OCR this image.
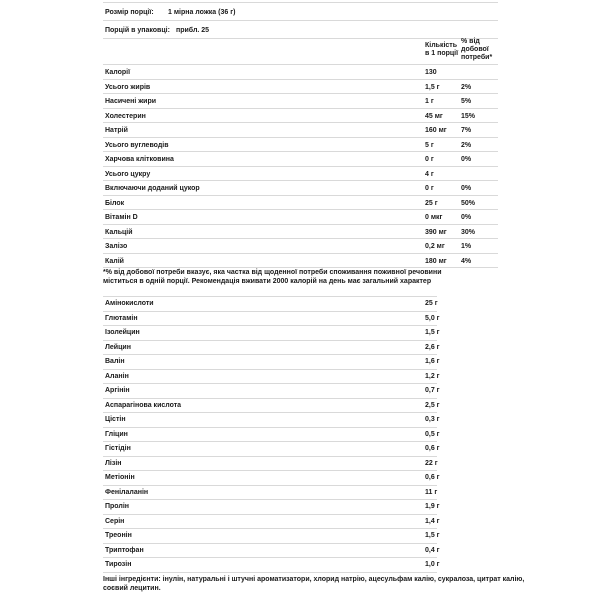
Розмір порції: 1 мірна ложка (36 г)
Порцій в упаковці: прибл. 25
Кількість
в 1 порції
% від
добової
потреби*
Калорії	130
Усього жирів	1,5 г	2%
Насичені жири	1 г	5%
Холестерин	45 мг	15%
Натрій	160 мг 7%
Усього вуглеводів	5 г	2%
Харчова клітковина	0 г	0%
Усього цукру	4 г
Включаючи доданий цукор	0 г	0%
Білок	25 г	50%
Вітамін D	0 мкг	0%
Кальцій	390 мг 30%
Залізо	0,2 мг 1%
Калій	180 мг 4%
*% від добової потреби вказує, яка частка від щоденної потреби споживання поживної речовини
міститься в одній порції. Рекомендація вживати 2000 калорій на день має загальний характер
Амінокислоти	25 г
Глютамін	5,0 г
Ізолейцин	1,5 г
Лейцин	2,6 г
Валін	1,6 г
Аланін	1,2 г
Аргінін	0,7 г
Аспарагінова кислота	2,5 г
Цістін	0,3 г
Гліцин	0,5 г
Гістідін	0,6 г
Лізін	22 г
Метіонін	0,6 г
Фенілаланін	11 г
Пролін	1,9 г
Серін	1,4 г
Треонін	1,5 г
Триптофан	0,4 г
Тирозін	1,0 г
Інші інгредієнти: інулін, натуральні і штучні ароматизатори, хлорид натрію, ацесульфам калію, сукралоза, цитрат калію,
соєвий лецитин.
